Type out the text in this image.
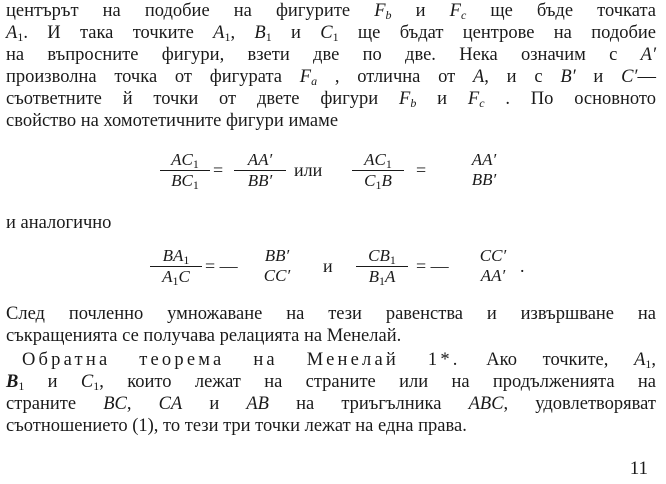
центърът на подобие на фигурите $F_b$ и $F_c$ ще бъде точката
$A_1$. И така точките $A_1$, $B_1$ и $C_1$ ще бъдат центрове на подобие
на въпросните фигури, взети две по две. Нека означим с A′
произволна точка от фигурата $F_a$ , отлична от A, и с B′ и C′—
съответните й точки от двете фигури $F_b$ и $F_c$ . По основното
свойство на хомотетичните фигури имаме
$\frac{AC_1}{BC_1} = \frac{AA'}{BB'}$ или $\frac{AC_1}{C_1B}$ =
AA′
BB′
и аналогично
$\frac{BA_1}{A_1C}$ = —
BB′
CC′	и $\frac{CB_1}{B_1A}$ = —
CC′
AA′ .
След почленно умножаване на тези равенства и извършване на
съкращенията се получава релацията на Менелай.
Обратна теорема на Менелай 1*. Ако точките, $A_1$,
$B_1$ и $C_1$, които лежат на страните или на продълженията на
страните BC, CA и AB на триъгълника ABC, удовлетворяват
съотношението (1), то тези три точки лежат на една права.
11
